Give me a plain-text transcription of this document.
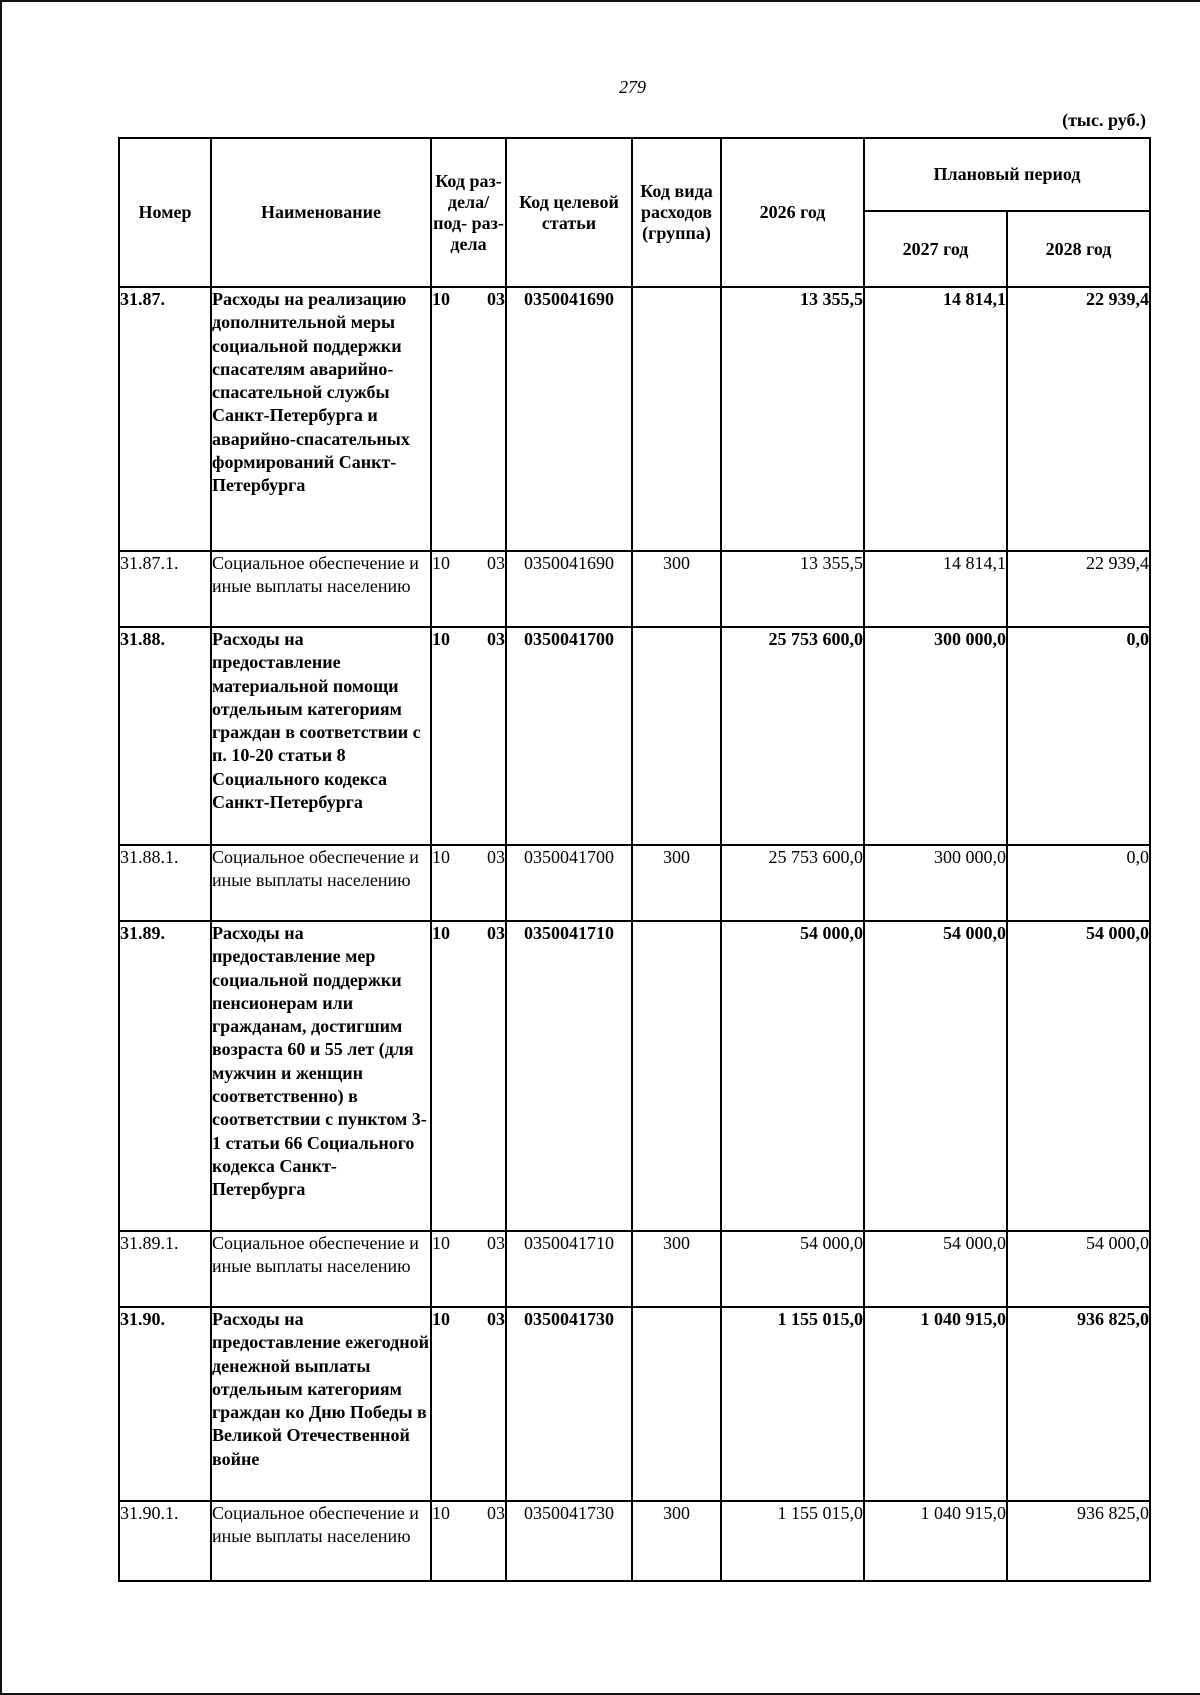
279
(тыс. руб.)
Номер	Наименование	Код раз- дела/ под- раз- дела	Код целевой статьи	Код вида расходов (группа)	2026 год	Плановый период	
						2027 год	2028 год
31.87.	Расходы на реализацию дополнительной меры социальной поддержки спасателям аварийно-спасательной службы Санкт-Петербурга и аварийно-спасательных формирований Санкт-Петербурга	10 03	0350041690		13 355,5	14 814,1	22 939,4
31.87.1.	Социальное обеспечение и иные выплаты населению	10 03	0350041690	300	13 355,5	14 814,1	22 939,4
31.88.	Расходы на предоставление материальной помощи отдельным категориям граждан в соответствии с п. 10-20 статьи 8 Социального кодекса Санкт-Петербурга	10 03	0350041700		25 753 600,0	300 000,0	0,0
31.88.1.	Социальное обеспечение и иные выплаты населению	10 03	0350041700	300	25 753 600,0	300 000,0	0,0
31.89.	Расходы на предоставление мер социальной поддержки пенсионерам или гражданам, достигшим возраста 60 и 55 лет (для мужчин и женщин соответственно) в соответствии с пунктом 3-1 статьи 66 Социального кодекса Санкт-Петербурга	10 03	0350041710		54 000,0	54 000,0	54 000,0
31.89.1.	Социальное обеспечение и иные выплаты населению	10 03	0350041710	300	54 000,0	54 000,0	54 000,0
31.90.	Расходы на предоставление ежегодной денежной выплаты отдельным категориям граждан ко Дню Победы в Великой Отечественной войне	10 03	0350041730		1 155 015,0	1 040 915,0	936 825,0
31.90.1.	Социальное обеспечение и иные выплаты населению	10 03	0350041730	300	1 155 015,0	1 040 915,0	936 825,0
